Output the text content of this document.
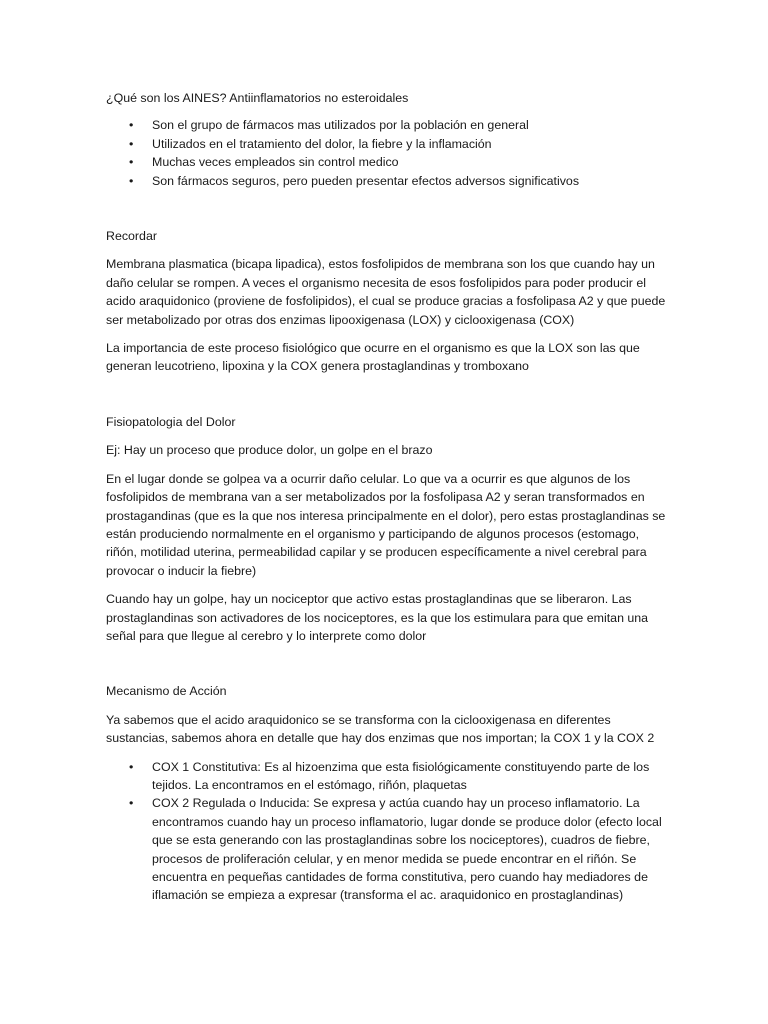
¿Qué son los AINES? Antiinflamatorios no esteroidales

• Son el grupo de fármacos mas utilizados por la población en general
• Utilizados en el tratamiento del dolor, la fiebre y la inflamación
• Muchas veces empleados sin control medico
• Son fármacos seguros, pero pueden presentar efectos adversos significativos

Recordar

Membrana plasmatica (bicapa lipadica), estos fosfolipidos de membrana son los que cuando hay un daño celular se rompen. A veces el organismo necesita de esos fosfolipidos para poder producir el acido araquidonico (proviene de fosfolipidos), el cual se produce gracias a fosfolipasa A2 y que puede ser metabolizado por otras dos enzimas lipooxigenasa (LOX) y ciclooxigenasa (COX)

La importancia de este proceso fisiológico que ocurre en el organismo es que la LOX son las que generan leucotrieno, lipoxina y la COX genera prostaglandinas y tromboxano

Fisiopatologia del Dolor

Ej: Hay un proceso que produce dolor, un golpe en el brazo

En el lugar donde se golpea va a ocurrir daño celular. Lo que va a ocurrir es que algunos de los fosfolipidos de membrana van a ser metabolizados por la fosfolipasa A2 y seran transformados en prostagandinas (que es la que nos interesa principalmente en el dolor), pero estas prostaglandinas se están produciendo normalmente en el organismo y participando de algunos procesos (estomago, riñón, motilidad uterina, permeabilidad capilar y se producen específicamente a nivel cerebral para provocar o inducir la fiebre)

Cuando hay un golpe, hay un nociceptor que activo estas prostaglandinas que se liberaron. Las prostaglandinas son activadores de los nociceptores, es la que los estimulara para que emitan una señal para que llegue al cerebro y lo interprete como dolor

Mecanismo de Acción

Ya sabemos que el acido araquidonico se se transforma con la ciclooxigenasa en diferentes sustancias, sabemos ahora en detalle que hay dos enzimas que nos importan; la COX 1 y la COX 2

• COX 1 Constitutiva: Es al hizoenzima que esta fisiológicamente constituyendo parte de los tejidos. La encontramos en el estómago, riñón, plaquetas
• COX 2 Regulada o Inducida: Se expresa y actúa cuando hay un proceso inflamatorio. La encontramos cuando hay un proceso inflamatorio, lugar donde se produce dolor (efecto local que se esta generando con las prostaglandinas sobre los nociceptores), cuadros de fiebre, procesos de proliferación celular, y en menor medida se puede encontrar en el riñón. Se encuentra en pequeñas cantidades de forma constitutiva, pero cuando hay mediadores de iflamación se empieza a expresar (transforma el ac. araquidonico en prostaglandinas)
